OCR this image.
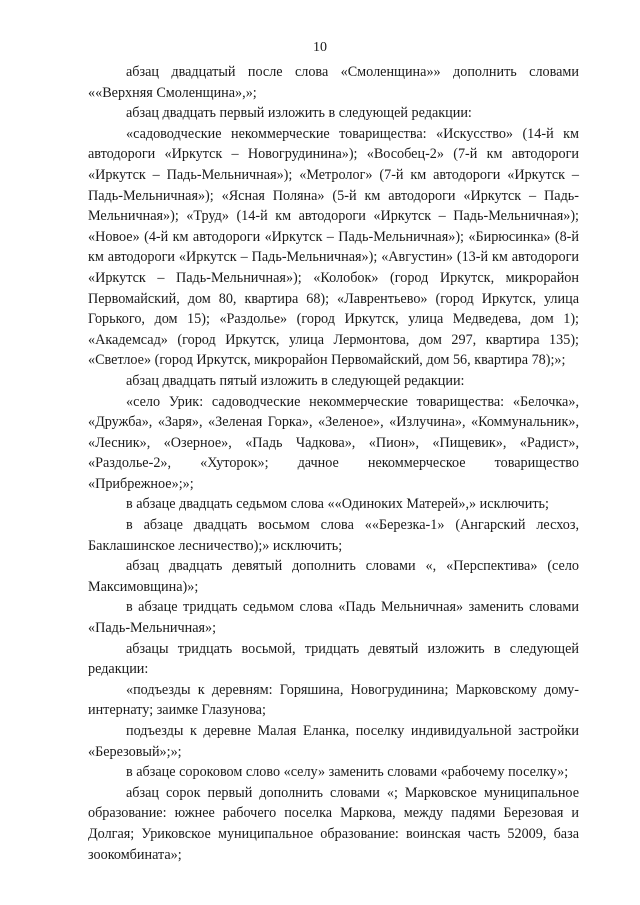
10

абзац двадцатый после слова «Смоленщина»» дополнить словами ««Верхняя Смоленщина»,»;

абзац двадцать первый изложить в следующей редакции:

«садоводческие некоммерческие товарищества: «Искусство» (14-й км автодороги «Иркутск – Новогрудинина»); «Вособец-2» (7-й км автодороги «Иркутск – Падь-Мельничная»); «Метролог» (7-й км автодороги «Иркутск – Падь-Мельничная»); «Ясная Поляна» (5-й км автодороги «Иркутск – Падь-Мельничная»); «Труд» (14-й км автодороги «Иркутск – Падь-Мельничная»); «Новое» (4-й км автодороги «Иркутск – Падь-Мельничная»); «Бирюсинка» (8-й км автодороги «Иркутск – Падь-Мельничная»); «Августин» (13-й км автодороги «Иркутск – Падь-Мельничная»); «Колобок» (город Иркутск, микрорайон Первомайский, дом 80, квартира 68); «Лаврентьево» (город Иркутск, улица Горького, дом 15); «Раздолье» (город Иркутск, улица Медведева, дом 1); «Академсад» (город Иркутск, улица Лермонтова, дом 297, квартира 135); «Светлое» (город Иркутск, микрорайон Первомайский, дом 56, квартира 78);»;

абзац двадцать пятый изложить в следующей редакции:

«село Урик: садоводческие некоммерческие товарищества: «Белочка», «Дружба», «Заря», «Зеленая Горка», «Зеленое», «Излучина», «Коммунальник», «Лесник», «Озерное», «Падь Чадкова», «Пион», «Пищевик», «Радист», «Раздолье-2», «Хуторок»; дачное некоммерческое товарищество «Прибрежное»;»;

в абзаце двадцать седьмом слова ««Одиноких Матерей»,» исключить;

в абзаце двадцать восьмом слова ««Березка-1» (Ангарский лесхоз, Баклашинское лесничество);» исключить;

абзац двадцать девятый дополнить словами «, «Перспектива» (село Максимовщина)»;

в абзаце тридцать седьмом слова «Падь Мельничная» заменить словами «Падь-Мельничная»;

абзацы тридцать восьмой, тридцать девятый изложить в следующей редакции:

«подъезды к деревням: Горяшина, Новогрудинина; Марковскому дому-интернату; заимке Глазунова;

подъезды к деревне Малая Еланка, поселку индивидуальной застройки «Березовый»;»;

в абзаце сороковом слово «селу» заменить словами «рабочему поселку»;

абзац сорок первый дополнить словами «; Марковское муниципальное образование: южнее рабочего поселка Маркова, между падями Березовая и Долгая; Уриковское муниципальное образование: воинская часть 52009, база зоокомбината»;
